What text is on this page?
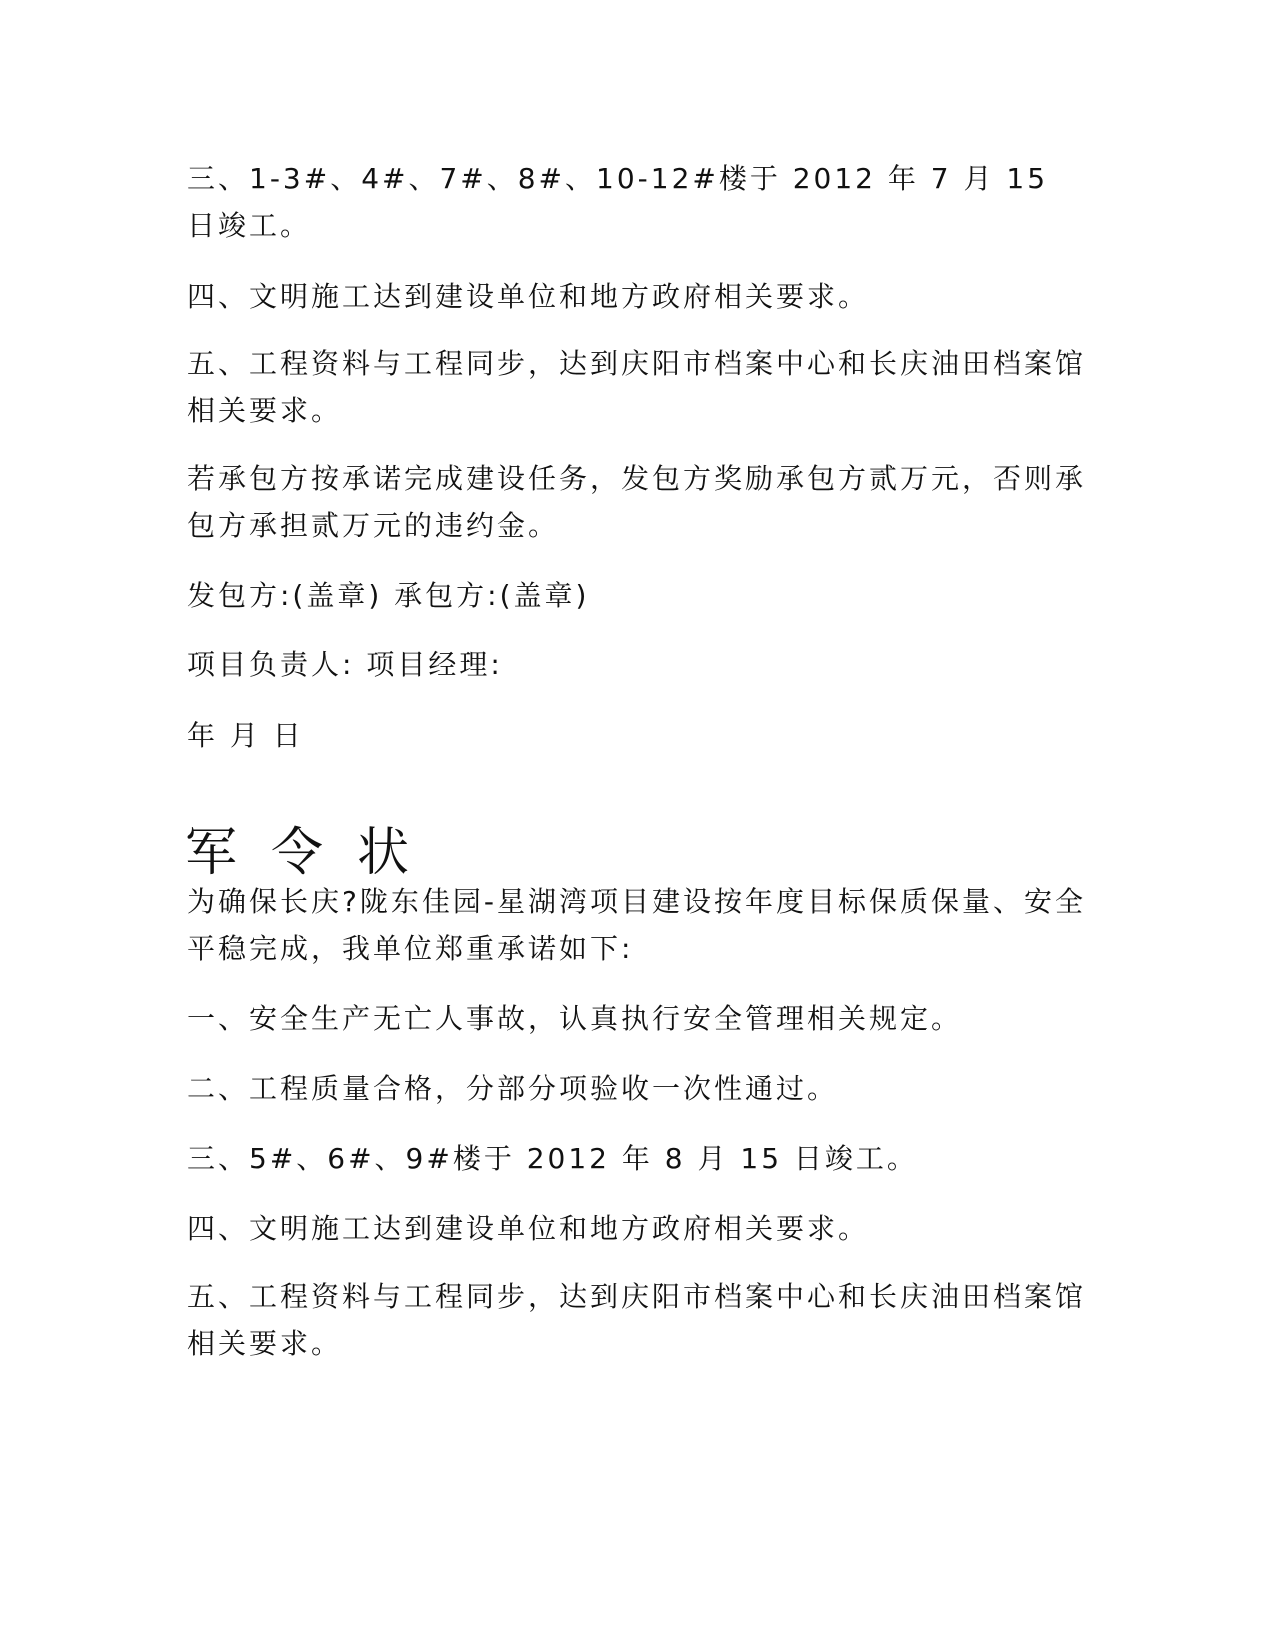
三、1-3#、4#、7#、8#、10-12#楼于 2012 年 7 月 15 日竣工。

四、文明施工达到建设单位和地方政府相关要求。

五、工程资料与工程同步，达到庆阳市档案中心和长庆油田档案馆相关要求。

若承包方按承诺完成建设任务，发包方奖励承包方贰万元，否则承包方承担贰万元的违约金。

发包方:(盖章) 承包方:(盖章)

项目负责人: 项目经理:

年 月 日

军令状

为确保长庆?陇东佳园-星湖湾项目建设按年度目标保质保量、安全平稳完成，我单位郑重承诺如下:

一、安全生产无亡人事故，认真执行安全管理相关规定。

二、工程质量合格，分部分项验收一次性通过。

三、5#、6#、9#楼于 2012 年 8 月 15 日竣工。

四、文明施工达到建设单位和地方政府相关要求。

五、工程资料与工程同步，达到庆阳市档案中心和长庆油田档案馆相关要求。
